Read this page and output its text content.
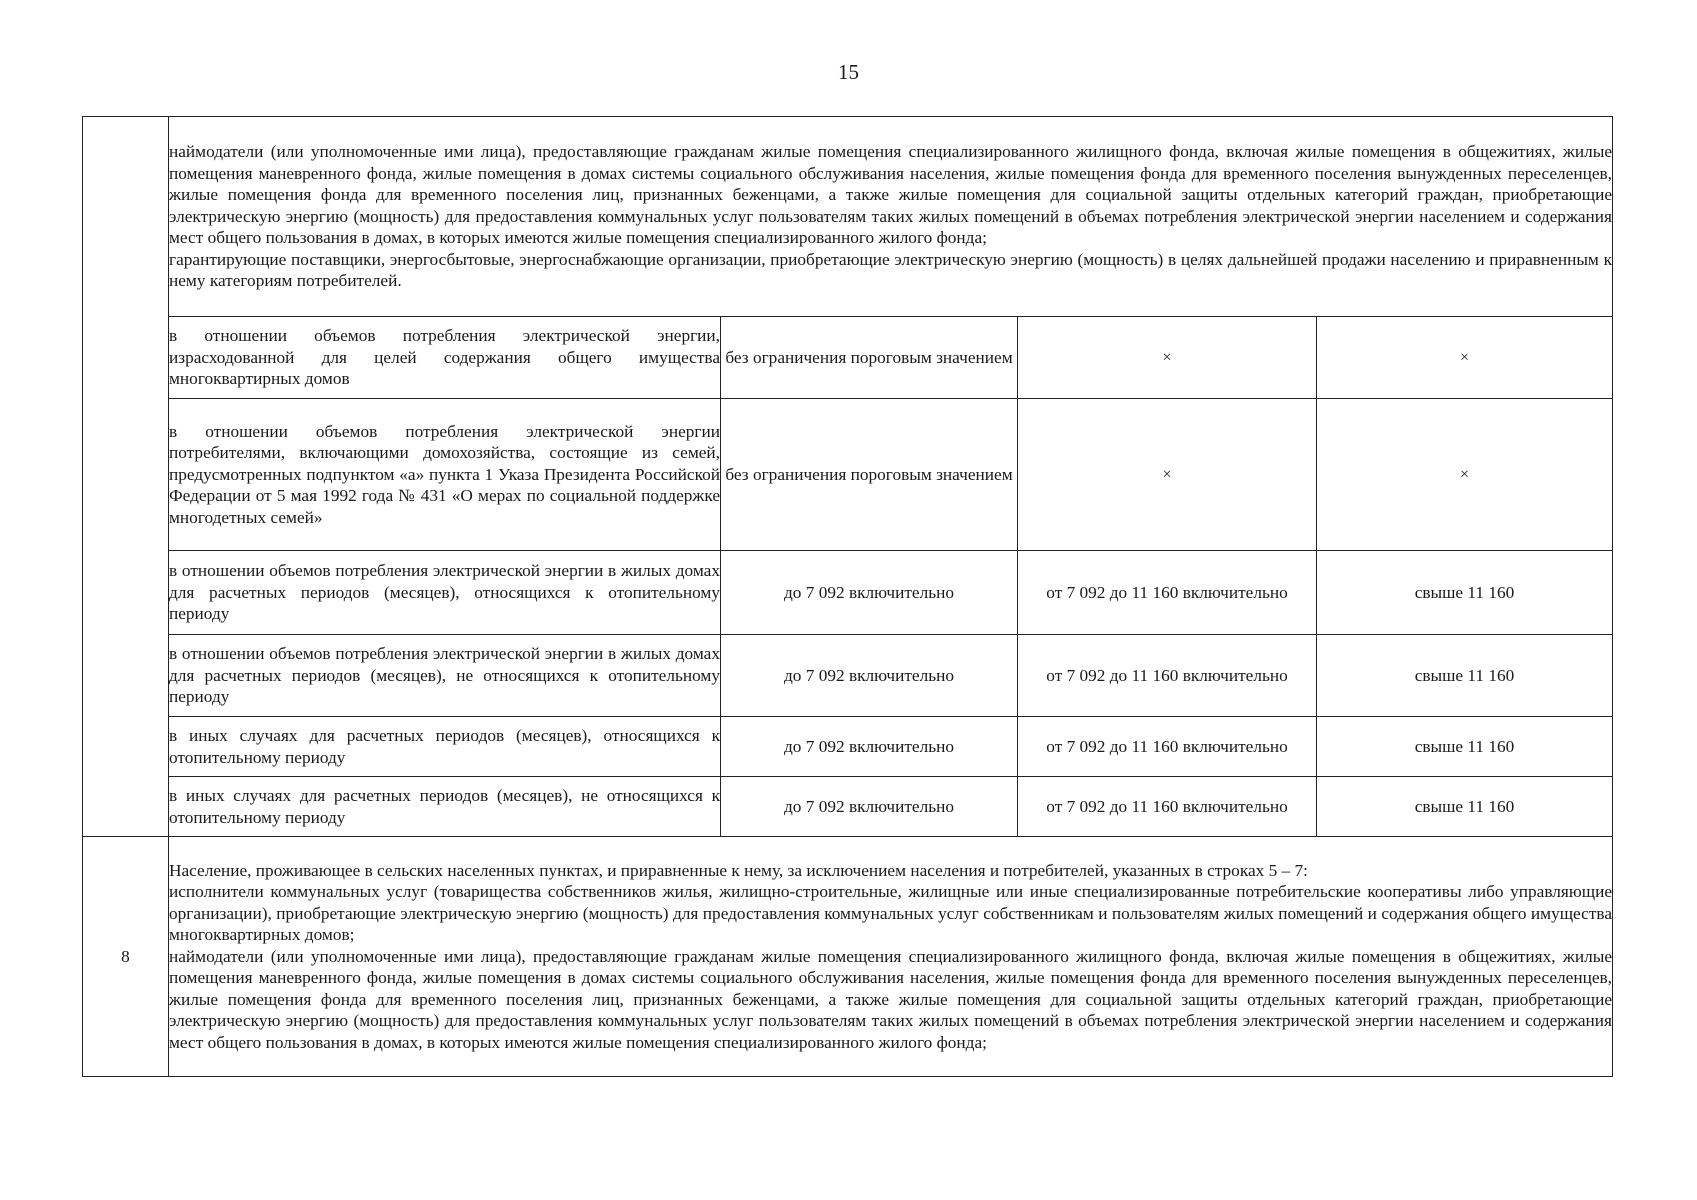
15

	наймодатели (или уполномоченные ими лица), предоставляющие гражданам жилые помещения специализированного жилищного фонда, включая жилые помещения в общежитиях, жилые помещения маневренного фонда, жилые помещения в домах системы социального обслуживания населения, жилые помещения фонда для временного поселения вынужденных переселенцев, жилые помещения фонда для временного поселения лиц, признанных беженцами, а также жилые помещения для социальной защиты отдельных категорий граждан, приобретающие электрическую энергию (мощность) для предоставления коммунальных услуг пользователям таких жилых помещений в объемах потребления электрической энергии населением и содержания мест общего пользования в домах, в которых имеются жилые помещения специализированного жилого фонда;
гарантирующие поставщики, энергосбытовые, энергоснабжающие организации, приобретающие электрическую энергию (мощность) в целях дальнейшей продажи населению и приравненным к нему категориям потребителей.			

	в отношении объемов потребления электрической энергии, израсходованной для целей содержания общего имущества многоквартирных домов	без ограничения пороговым значением	×	×
	в отношении объемов потребления электрической энергии потребителями, включающими домохозяйства, состоящие из семей, предусмотренных подпунктом «а» пункта 1 Указа Президента Российской Федерации от 5 мая 1992 года № 431 «О мерах по социальной поддержке многодетных семей»	без ограничения пороговым значением	×	×
	в отношении объемов потребления электрической энергии в жилых домах для расчетных периодов (месяцев), относящихся к отопительному периоду	до 7 092 включительно	от 7 092 до 11 160 включительно	свыше 11 160
	в отношении объемов потребления электрической энергии в жилых домах для расчетных периодов (месяцев), не относящихся к отопительному периоду	до 7 092 включительно	от 7 092 до 11 160 включительно	свыше 11 160
	в иных случаях для расчетных периодов (месяцев), относящихся к отопительному периоду	до 7 092 включительно	от 7 092 до 11 160 включительно	свыше 11 160
	в иных случаях для расчетных периодов (месяцев), не относящихся к отопительному периоду	до 7 092 включительно	от 7 092 до 11 160 включительно	свыше 11 160
8	Население, проживающее в сельских населенных пунктах, и приравненные к нему, за исключением населения и потребителей, указанных в строках 5 – 7:
исполнители коммунальных услуг (товарищества собственников жилья, жилищно-строительные, жилищные или иные специализированные потребительские кооперативы либо управляющие организации), приобретающие электрическую энергию (мощность) для предоставления коммунальных услуг собственникам и пользователям жилых помещений и содержания общего имущества многоквартирных домов;
наймодатели (или уполномоченные ими лица), предоставляющие гражданам жилые помещения специализированного жилищного фонда, включая жилые помещения в общежитиях, жилые помещения маневренного фонда, жилые помещения в домах системы социального обслуживания населения, жилые помещения фонда для временного поселения вынужденных переселенцев, жилые помещения фонда для временного поселения лиц, признанных беженцами, а также жилые помещения для социальной защиты отдельных категорий граждан, приобретающие электрическую энергию (мощность) для предоставления коммунальных услуг пользователям таких жилых помещений в объемах потребления электрической энергии населением и содержания мест общего пользования в домах, в которых имеются жилые помещения специализированного жилого фонда;			
